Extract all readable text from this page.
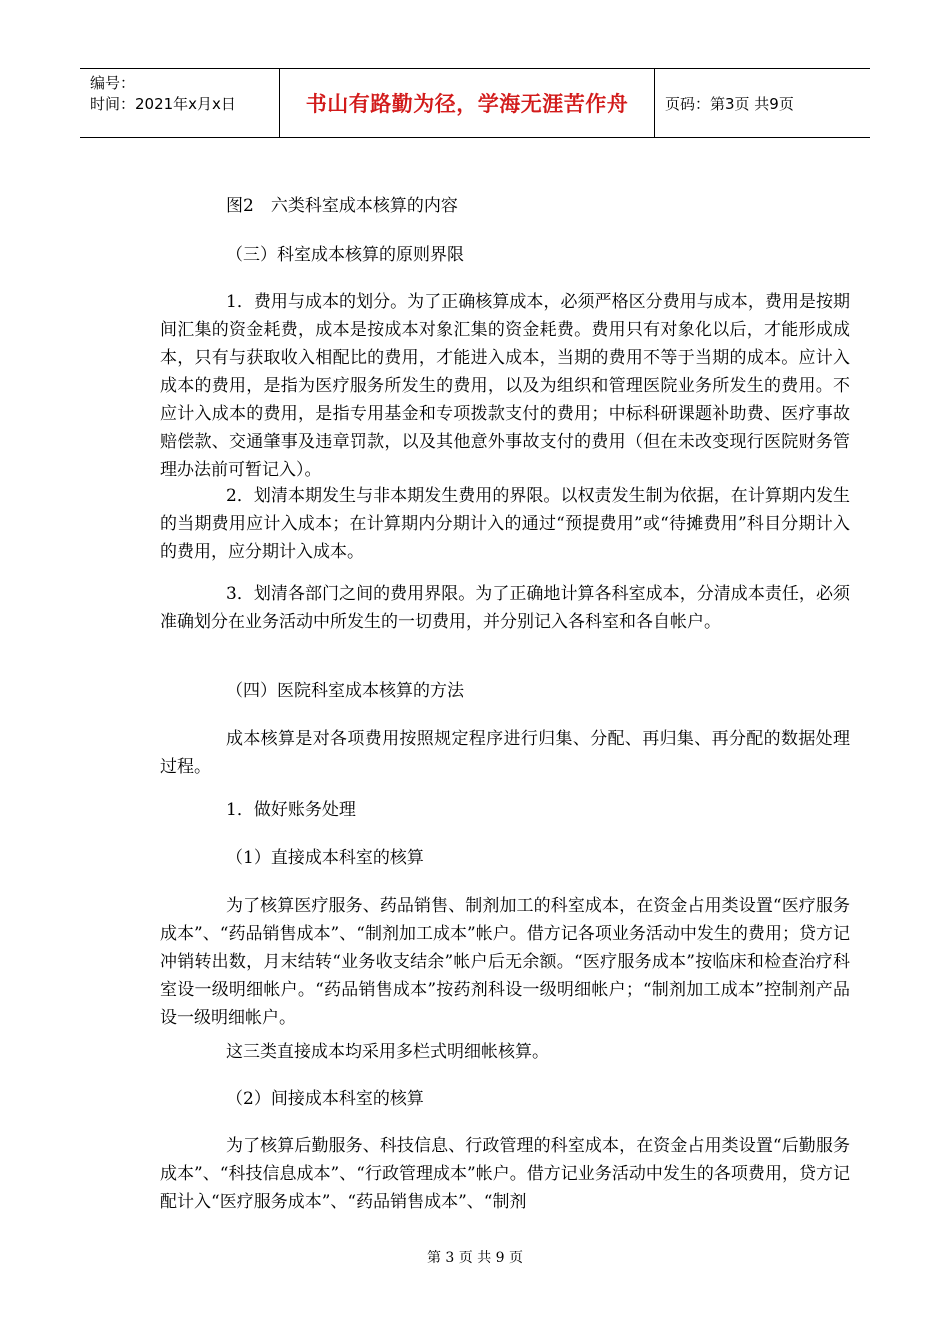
编号：
时间：2021年x月x日	书山有路勤为径，学海无涯苦作舟	页码：第3页 共9页

图2　六类科室成本核算的内容

（三）科室成本核算的原则界限

1．费用与成本的划分。为了正确核算成本，必须严格区分费用与成本，费用是按期间汇集的资金耗费，成本是按成本对象汇集的资金耗费。费用只有对象化以后，才能形成成本，只有与获取收入相配比的费用，才能进入成本，当期的费用不等于当期的成本。应计入成本的费用，是指为医疗服务所发生的费用，以及为组织和管理医院业务所发生的费用。不应计入成本的费用，是指专用基金和专项拨款支付的费用；中标科研课题补助费、医疗事故赔偿款、交通肇事及违章罚款，以及其他意外事故支付的费用（但在未改变现行医院财务管理办法前可暂记入）。

2．划清本期发生与非本期发生费用的界限。以权责发生制为依据，在计算期内发生的当期费用应计入成本；在计算期内分期计入的通过“预提费用”或“待摊费用”科目分期计入的费用，应分期计入成本。

3．划清各部门之间的费用界限。为了正确地计算各科室成本，分清成本责任，必须准确划分在业务活动中所发生的一切费用，并分别记入各科室和各自帐户。

（四）医院科室成本核算的方法

成本核算是对各项费用按照规定程序进行归集、分配、再归集、再分配的数据处理过程。

1．做好账务处理

（1）直接成本科室的核算

为了核算医疗服务、药品销售、制剂加工的科室成本，在资金占用类设置“医疗服务成本”、“药品销售成本”、“制剂加工成本”帐户。借方记各项业务活动中发生的费用；贷方记冲销转出数，月末结转“业务收支结余”帐户后无余额。“医疗服务成本”按临床和检查治疗科室设一级明细帐户。“药品销售成本”按药剂科设一级明细帐户；“制剂加工成本”控制剂产品设一级明细帐户。

这三类直接成本均采用多栏式明细帐核算。

（2）间接成本科室的核算

为了核算后勤服务、科技信息、行政管理的科室成本，在资金占用类设置“后勤服务成本”、“科技信息成本”、“行政管理成本”帐户。借方记业务活动中发生的各项费用，贷方记配计入“医疗服务成本”、“药品销售成本”、“制剂

第 3 页 共 9 页
